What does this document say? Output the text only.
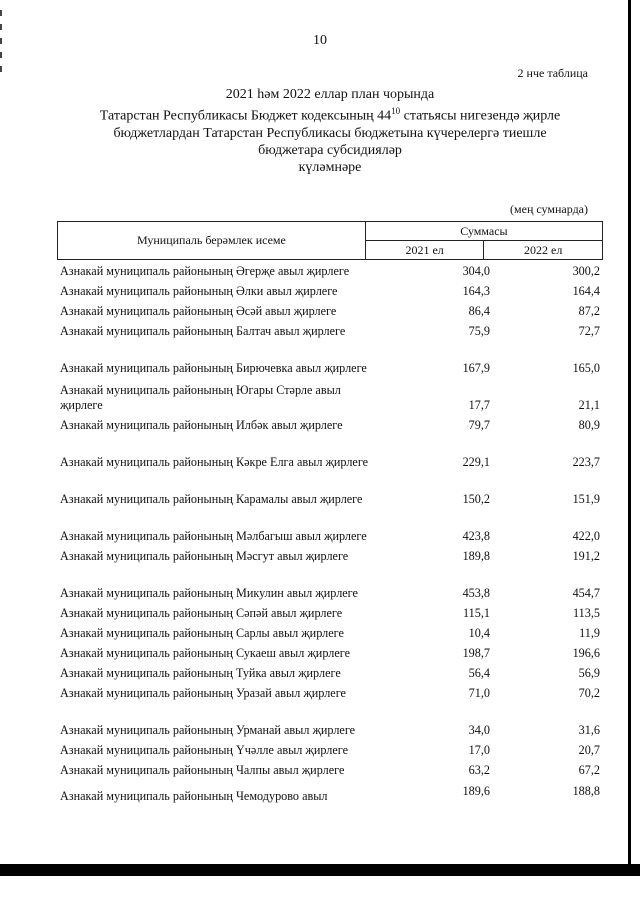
10
2 нче таблица
2021 һәм 2022 еллар план чорында
Татарстан Республикасы Бюджет кодексының $44^{10}$ статьясы нигезендә җирле
бюджетлардан Татарстан Республикасы бюджетына күчерелергә тиешле
бюджетара субсидияләр
күләмнәре
(мең сумнарда)
Муниципаль берәмлек исеме	Суммасы	
	2021 ел	2022 ел
Азнакай муниципаль районының Әгерҗе авыл җирлеге	304,0	300,2
Азнакай муниципаль районының Әлки авыл җирлеге	164,3	164,4
Азнакай муниципаль районының Әсәй авыл җирлеге	86,4	87,2
Азнакай муниципаль районының Балтач авыл җирлеге	75,9	72,7
Азнакай муниципаль районының Бирючевка авыл җирлеге	167,9	165,0
Азнакай муниципаль районының Югары Стәрле авыл җирлеге	17,7	21,1
Азнакай муниципаль районының Илбәк авыл җирлеге	79,7	80,9
Азнакай муниципаль районының Кәкре Елга авыл җирлеге	229,1	223,7
Азнакай муниципаль районының Карамалы авыл җирлеге	150,2	151,9
Азнакай муниципаль районының Мәлбагыш авыл җирлеге	423,8	422,0
Азнакай муниципаль районының Мәсгут авыл җирлеге	189,8	191,2
Азнакай муниципаль районының Микулин авыл җирлеге	453,8	454,7
Азнакай муниципаль районының Сәпәй авыл җирлеге	115,1	113,5
Азнакай муниципаль районының Сарлы авыл җирлеге	10,4	11,9
Азнакай муниципаль районының Сукаеш авыл җирлеге	198,7	196,6
Азнакай муниципаль районының Туйка авыл җирлеге	56,4	56,9
Азнакай муниципаль районының Уразай авыл җирлеге	71,0	70,2
Азнакай муниципаль районының Урманай авыл җирлеге	34,0	31,6
Азнакай муниципаль районының Үчәлле авыл җирлеге	17,0	20,7
Азнакай муниципаль районының Чалпы авыл җирлеге	63,2	67,2
Азнакай муниципаль районының Чемодурово авыл	189,6	188,8
